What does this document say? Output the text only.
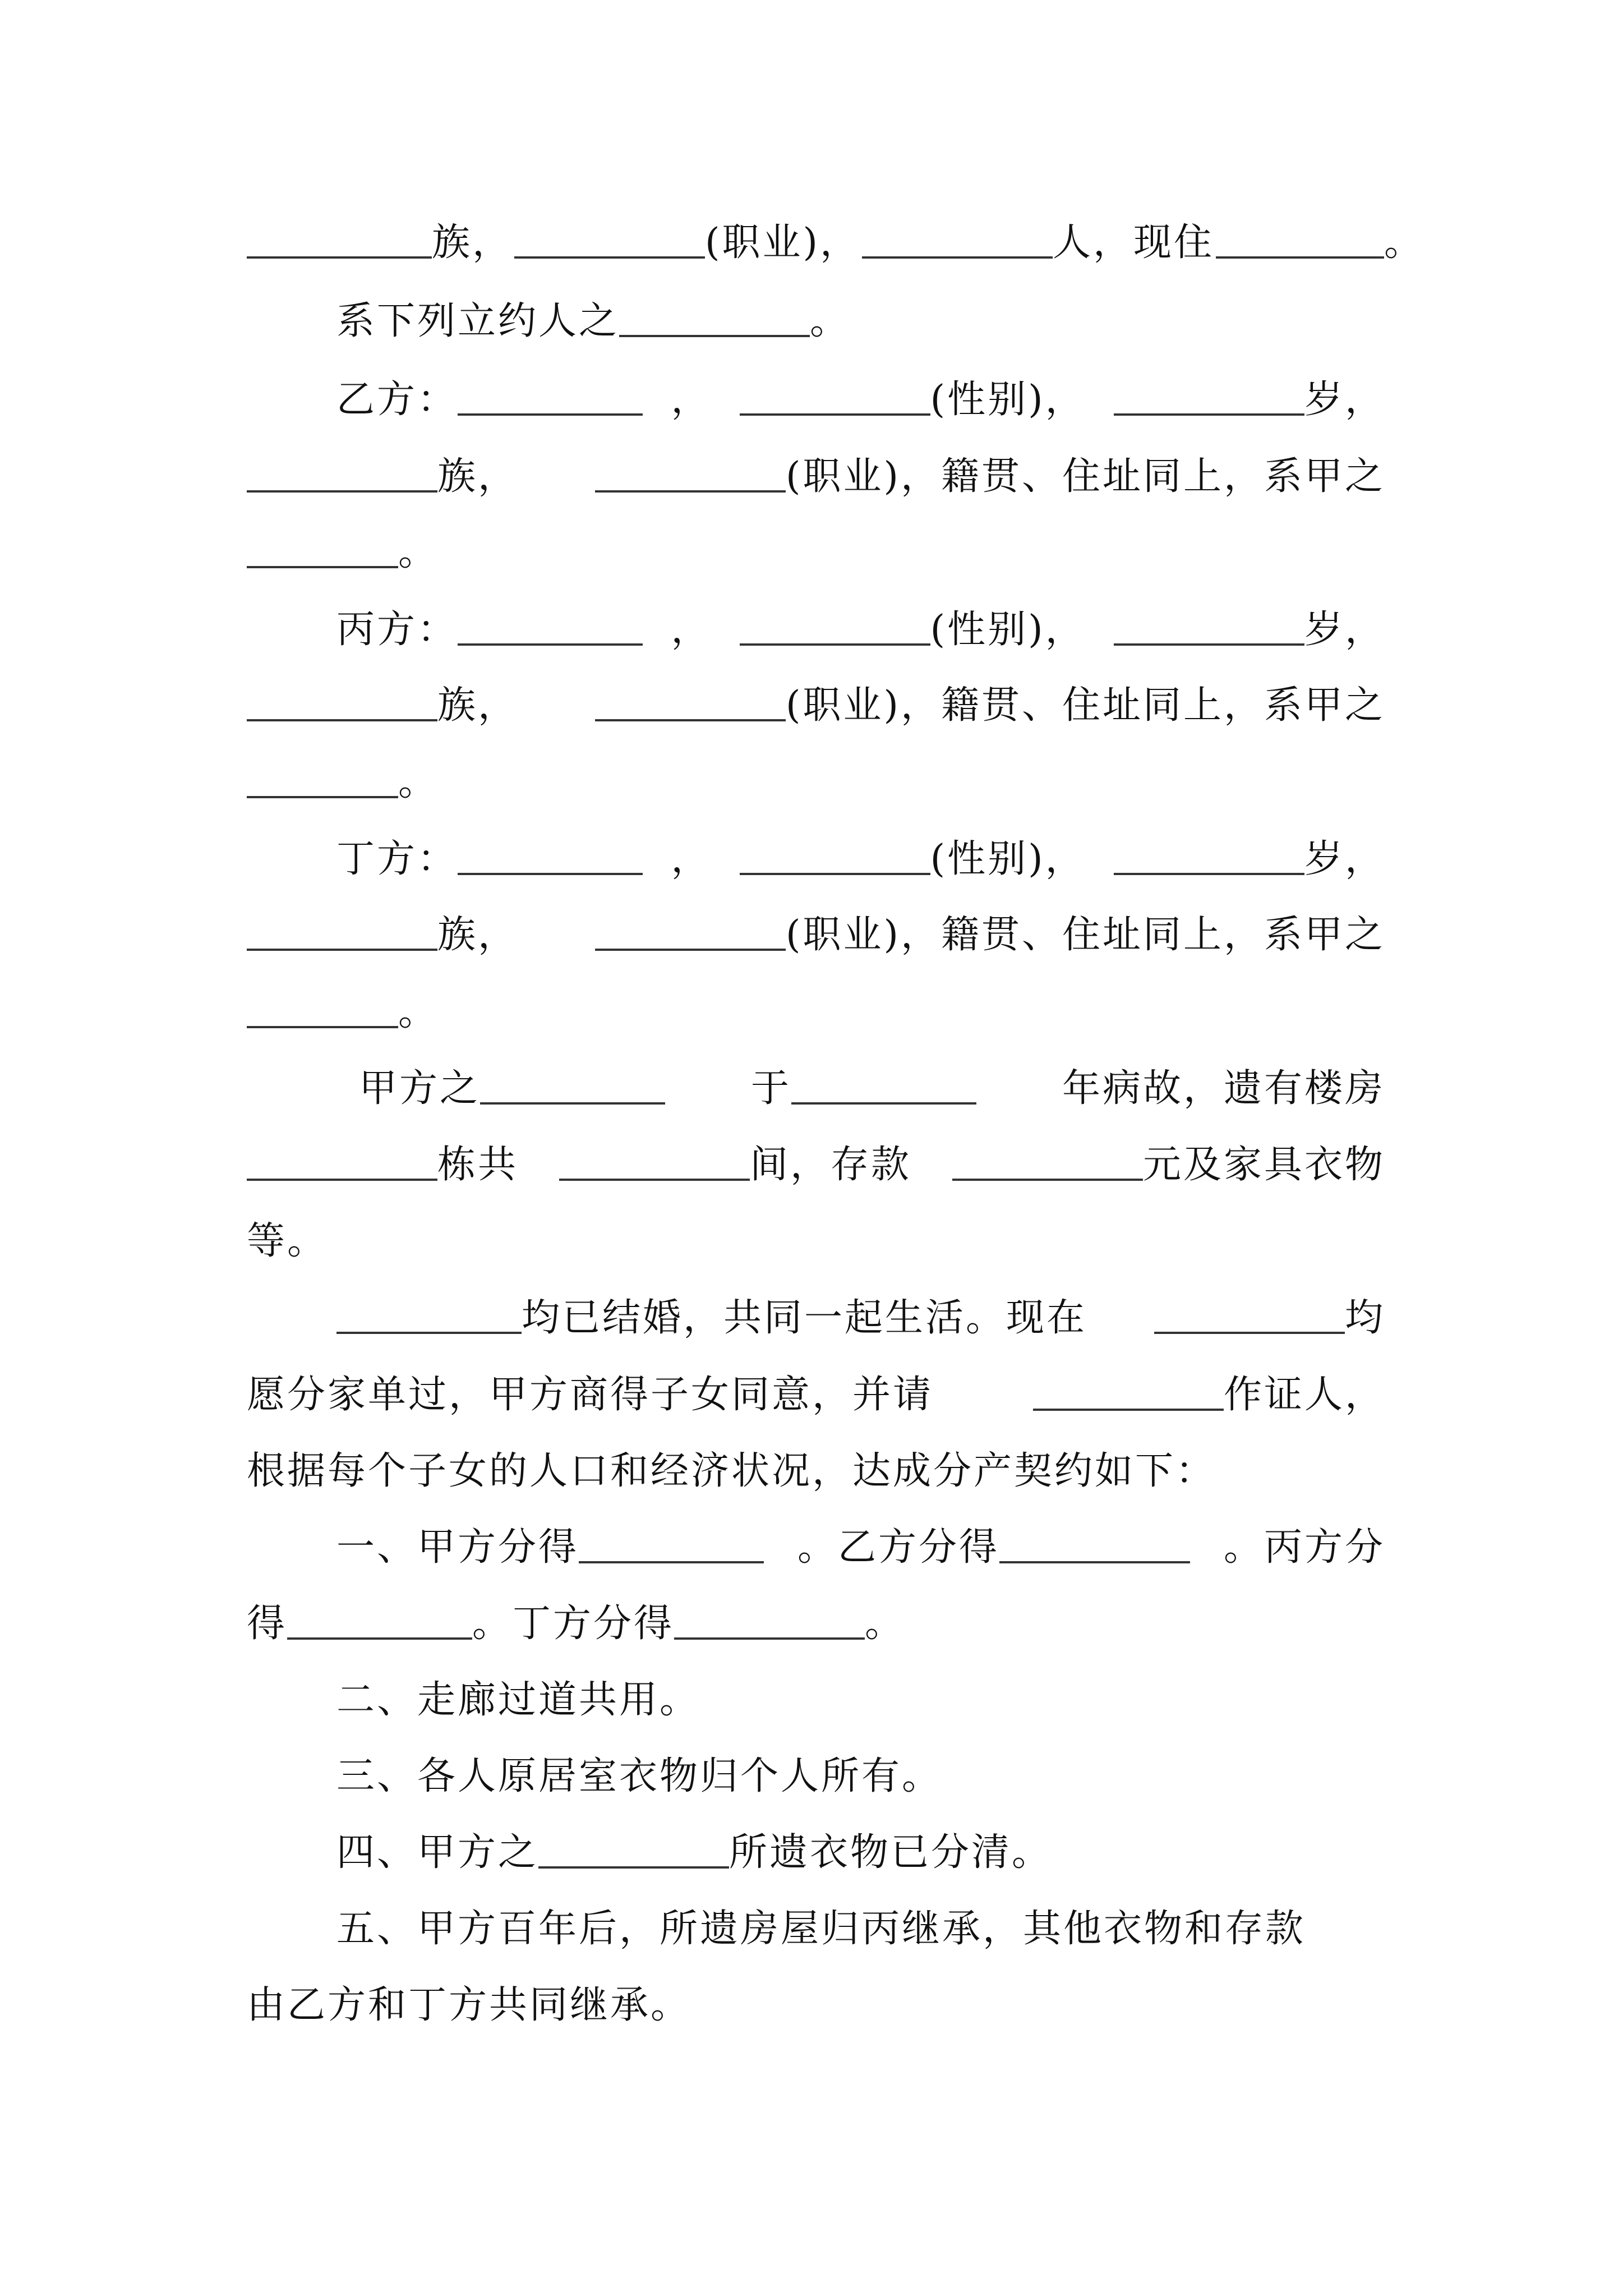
族，	(职业)，	人，现住	。
系下列立约人之	。
乙方：	，	(性别)，	岁，
族，	(职业)，籍贯、住址同上，系甲之
。
丙方：	，	(性别)，	岁，
族，	(职业)，籍贯、住址同上，系甲之
。
丁方：	，	(性别)，	岁，
族，	(职业)，籍贯、住址同上，系甲之
。
甲方之	于	年病故，遗有楼房
栋共	间，存款	元及家具衣物
等。
均已结婚，共同一起生活。现在	均
愿分家单过，甲方商得子女同意，并请	作证人，
根据每个子女的人口和经济状况，达成分产契约如下：
一、甲方分得	。乙方分得	。丙方分
得	。丁方分得	。
二、走廊过道共用。
三、各人原居室衣物归个人所有。
四、甲方之	所遗衣物已分清。
五、甲方百年后，所遗房屋归丙继承，其他衣物和存款
由乙方和丁方共同继承。
